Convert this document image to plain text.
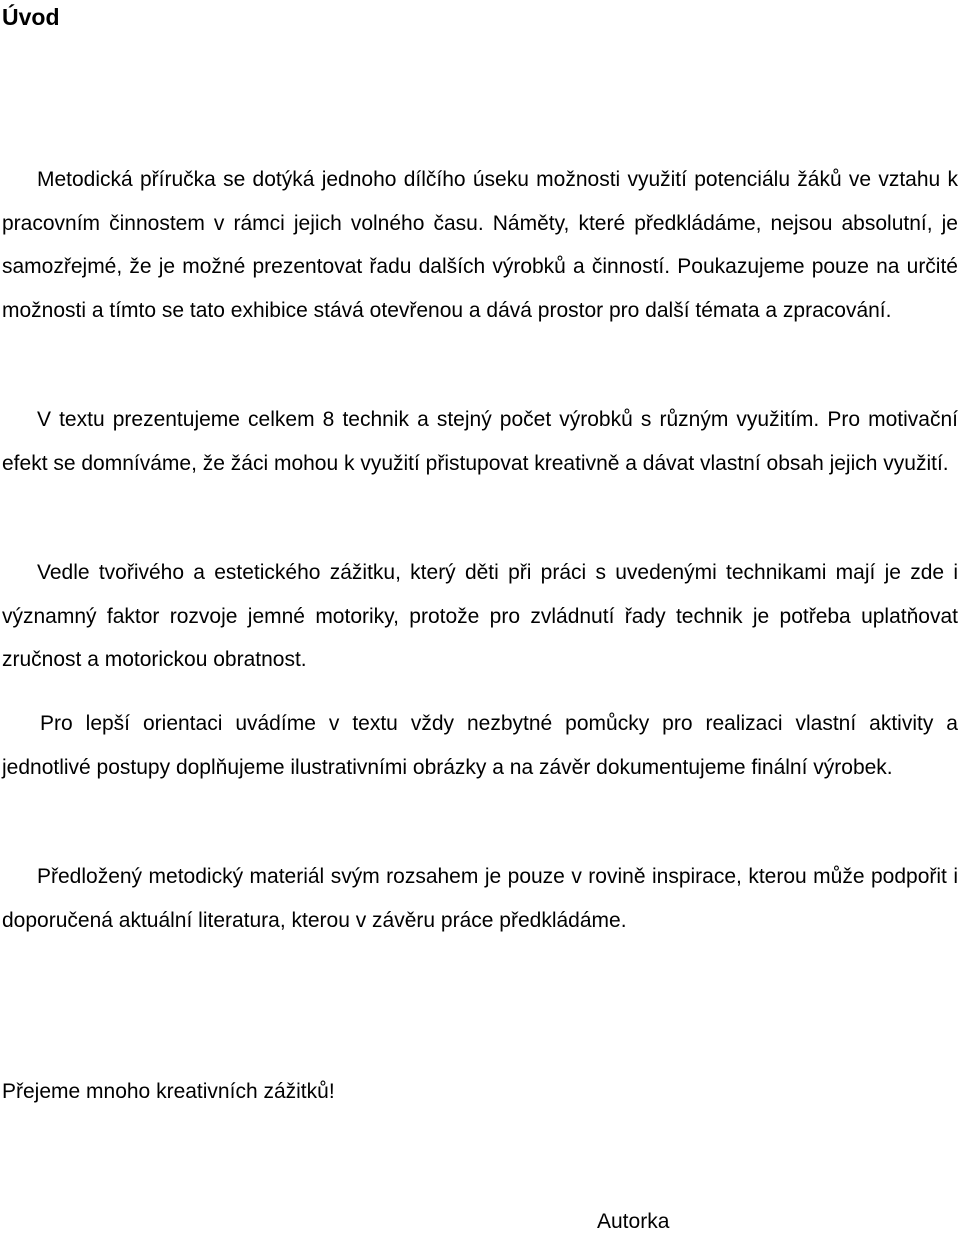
Úvod

Metodická příručka se dotýká jednoho dílčího úseku možnosti využití potenciálu žáků ve vztahu k pracovním činnostem v rámci jejich volného času. Náměty, které předkládáme, nejsou absolutní, je samozřejmé, že je možné prezentovat řadu dalších výrobků a činností. Poukazujeme pouze na určité možnosti a tímto se tato exhibice stává otevřenou a dává prostor pro další témata a zpracování.

V textu prezentujeme celkem 8 technik a stejný počet výrobků s různým využitím. Pro motivační efekt se domníváme, že žáci mohou k využití přistupovat kreativně a dávat vlastní obsah jejich využití.

Vedle tvořivého a estetického zážitku, který děti při práci s uvedenými technikami mají je zde i významný faktor rozvoje jemné motoriky, protože pro zvládnutí řady technik je potřeba uplatňovat zručnost a motorickou obratnost.

Pro lepší orientaci uvádíme v textu vždy nezbytné pomůcky pro realizaci vlastní aktivity a jednotlivé postupy doplňujeme ilustrativními obrázky a na závěr dokumentujeme finální výrobek.

Předložený metodický materiál svým rozsahem je pouze v rovině inspirace, kterou může podpořit i doporučená aktuální literatura, kterou v závěru práce předkládáme.

Přejeme mnoho kreativních zážitků!

Autorka
